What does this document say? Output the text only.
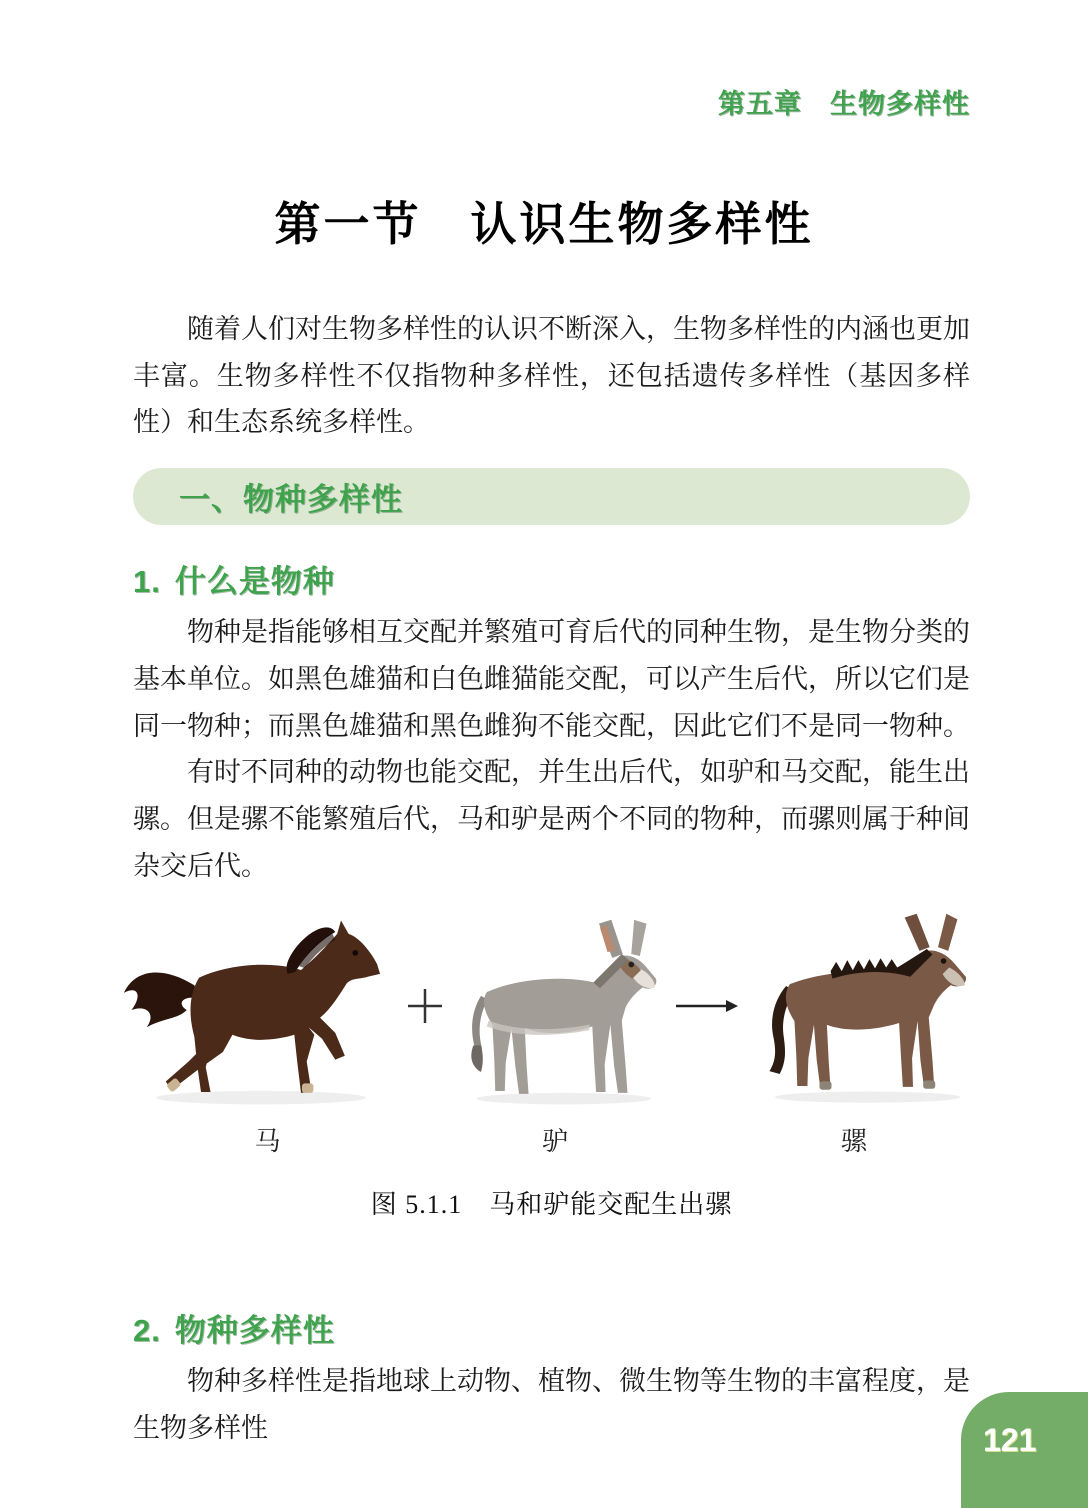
第五章　生物多样性
第一节　认识生物多样性

随着人们对生物多样性的认识不断深入，生物多样性的内涵也更加丰富。生物多样性不仅指物种多样性，还包括遗传多样性（基因多样性）和生态系统多样性。

一、物种多样性
1. 什么是物种

物种是指能够相互交配并繁殖可育后代的同种生物，是生物分类的基本单位。如黑色雄猫和白色雌猫能交配，可以产生后代，所以它们是同一物种；而黑色雄猫和黑色雌狗不能交配，因此它们不是同一物种。

有时不同种的动物也能交配，并生出后代，如驴和马交配，能生出骡。但是骡不能繁殖后代，马和驴是两个不同的物种，而骡则属于种间杂交后代。

马	驴	骡
图 5.1.1　马和驴能交配生出骡
2. 物种多样性

物种多样性是指地球上动物、植物、微生物等生物的丰富程度，是生物多样性	121
